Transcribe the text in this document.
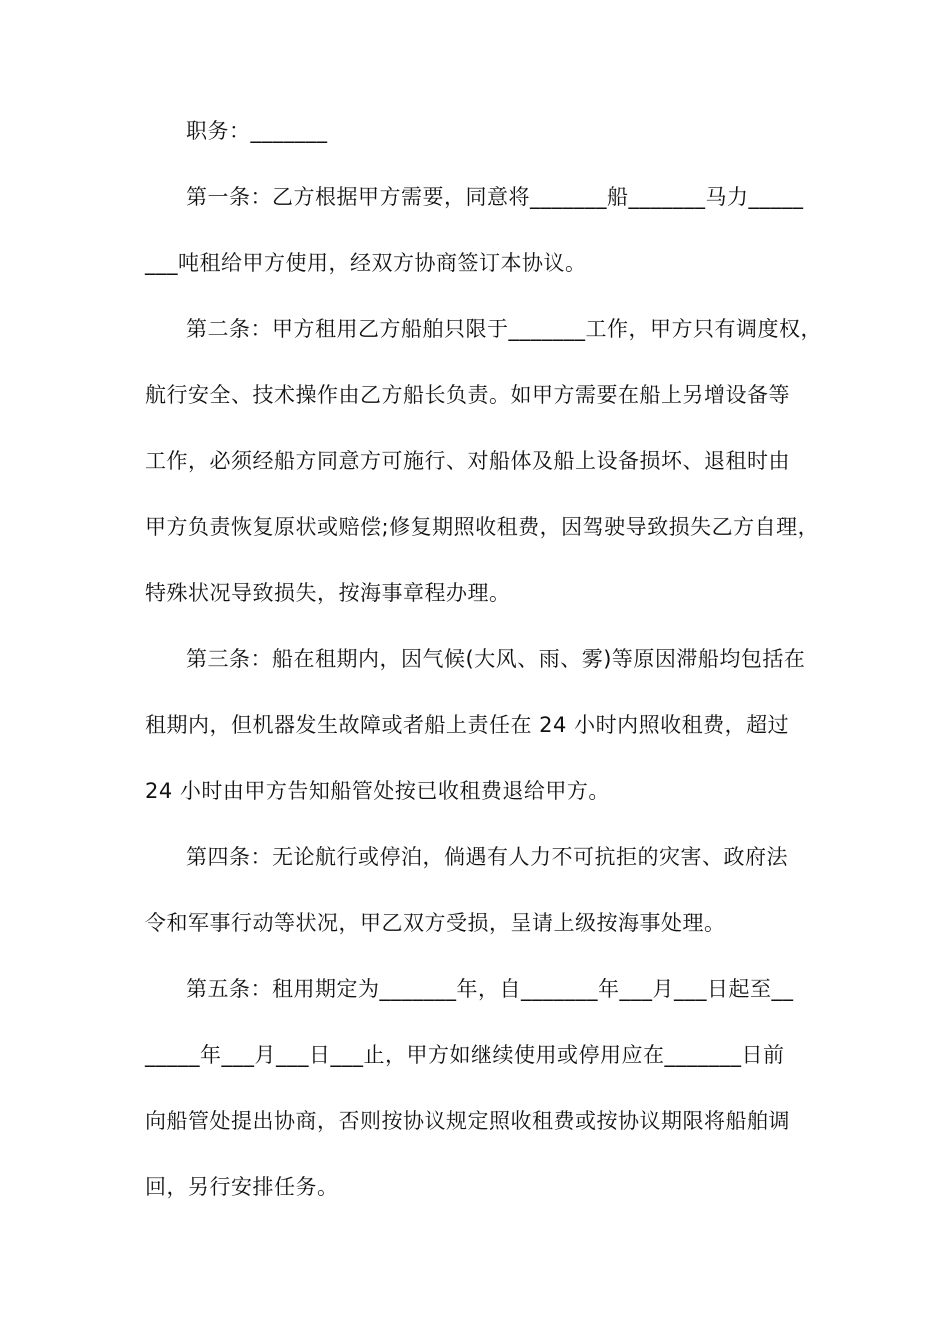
职务：_______
第一条：乙方根据甲方需要，同意将_______船_______马力_____
___吨租给甲方使用，经双方协商签订本协议。
第二条：甲方租用乙方船舶只限于_______工作，甲方只有调度权，
航行安全、技术操作由乙方船长负责。如甲方需要在船上另增设备等
工作，必须经船方同意方可施行、对船体及船上设备损坏、退租时由
甲方负责恢复原状或赔偿;修复期照收租费，因驾驶导致损失乙方自理，
特殊状况导致损失，按海事章程办理。
第三条：船在租期内，因气候(大风、雨、雾)等原因滞船均包括在
租期内，但机器发生故障或者船上责任在 24 小时内照收租费，超过
24 小时由甲方告知船管处按已收租费退给甲方。
第四条：无论航行或停泊，倘遇有人力不可抗拒的灾害、政府法
令和军事行动等状况，甲乙双方受损，呈请上级按海事处理。
第五条：租用期定为_______年，自_______年___月___日起至__
_____年___月___日___止，甲方如继续使用或停用应在_______日前
向船管处提出协商，否则按协议规定照收租费或按协议期限将船舶调
回，另行安排任务。
